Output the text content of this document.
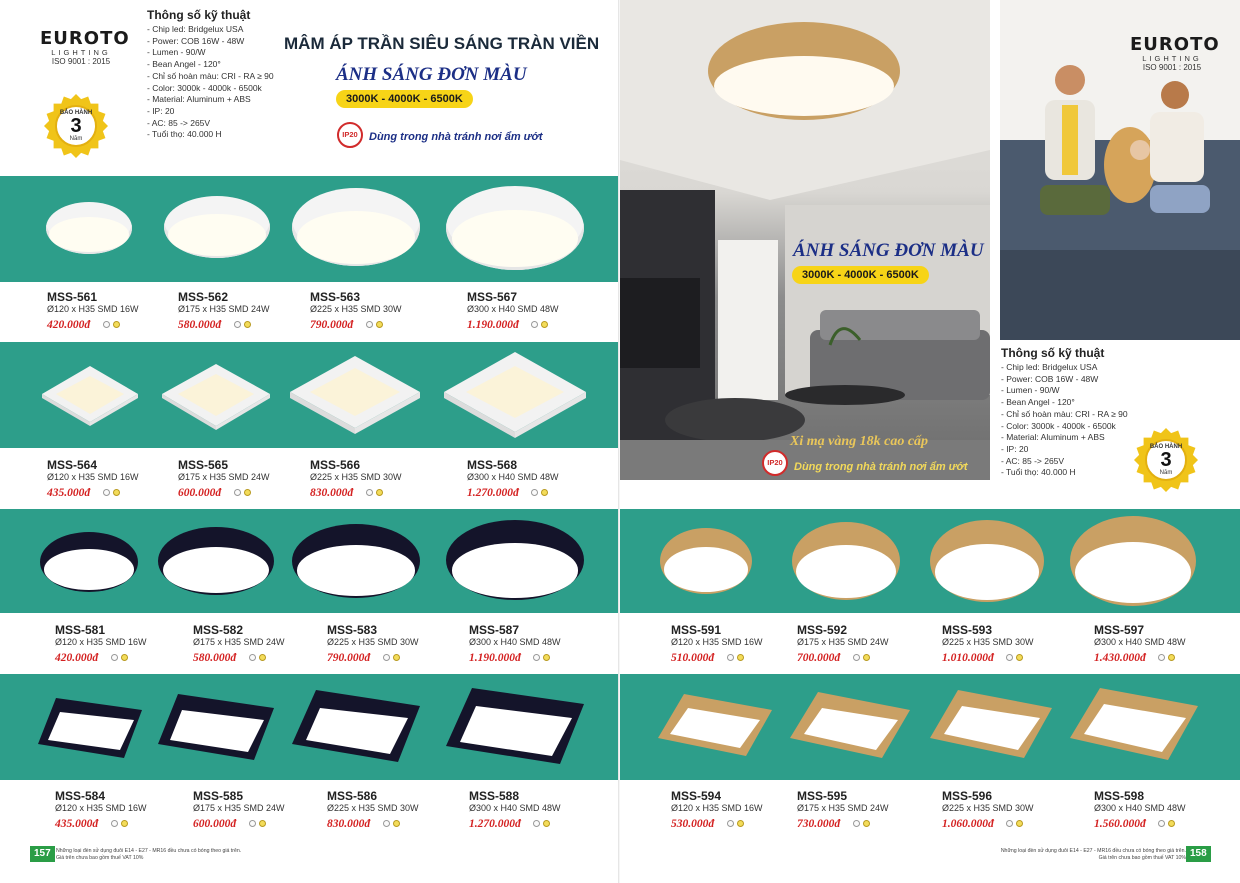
EUROTO
LIGHTING
ISO 9001 : 2015
BẢO HÀNH
3
Năm
Thông số kỹ thuật
- Chip led: Bridgelux USA
- Power: COB 16W - 48W
- Lumen - 90/W
- Bean Angel - 120°
- Chỉ số hoàn màu: CRI - RA ≥ 90
- Color: 3000k - 4000k - 6500k
- Material: Aluminum + ABS
- IP: 20
- AC: 85 -> 265V
- Tuổi thọ: 40.000 H
MÂM ÁP TRẦN SIÊU SÁNG TRÀN VIỀN
ÁNH SÁNG ĐƠN MÀU
3000K - 4000K - 6500K
IP20	Dùng trong nhà tránh nơi ẩm ướt
MSS-561
Ø120 x H35 SMD 16W
420.000đ
MSS-562
Ø175 x H35 SMD 24W
580.000đ
MSS-563
Ø225 x H35 SMD 30W
790.000đ
MSS-567
Ø300 x H40 SMD 48W
1.190.000đ
MSS-564
Ø120 x H35 SMD 16W
435.000đ
MSS-565
Ø175 x H35 SMD 24W
600.000đ
MSS-566
Ø225 x H35 SMD 30W
830.000đ
MSS-568
Ø300 x H40 SMD 48W
1.270.000đ
MSS-581
Ø120 x H35 SMD 16W
420.000đ
MSS-582
Ø175 x H35 SMD 24W
580.000đ
MSS-583
Ø225 x H35 SMD 30W
790.000đ
MSS-587
Ø300 x H40 SMD 48W
1.190.000đ
MSS-584
Ø120 x H35 SMD 16W
435.000đ
MSS-585
Ø175 x H35 SMD 24W
600.000đ
MSS-586
Ø225 x H35 SMD 30W
830.000đ
MSS-588
Ø300 x H40 SMD 48W
1.270.000đ
157	Những loại đèn sử dụng đuôi E14 - E27 - MR16 đều chưa có bóng theo giá trên.
Giá trên chưa bao gồm thuế VAT 10%
ÁNH SÁNG ĐƠN MÀU
3000K - 4000K - 6500K
Xi mạ vàng 18k cao cấp
IP20	Dùng trong nhà tránh nơi ẩm ướt
EUROTO
LIGHTING
ISO 9001 : 2015
Thông số kỹ thuật
- Chip led: Bridgelux USA
- Power: COB 16W - 48W
- Lumen - 90/W
- Bean Angel - 120°
- Chỉ số hoàn màu: CRI - RA ≥ 90
- Color: 3000k - 4000k - 6500k
- Material: Aluminum + ABS
- IP: 20
- AC: 85 -> 265V
- Tuổi thọ: 40.000 H
BẢO HÀNH
3
Năm
MSS-591
Ø120 x H35 SMD 16W
510.000đ
MSS-592
Ø175 x H35 SMD 24W
700.000đ
MSS-593
Ø225 x H35 SMD 30W
1.010.000đ
MSS-597
Ø300 x H40 SMD 48W
1.430.000đ
MSS-594
Ø120 x H35 SMD 16W
530.000đ
MSS-595
Ø175 x H35 SMD 24W
730.000đ
MSS-596
Ø225 x H35 SMD 30W
1.060.000đ
MSS-598
Ø300 x H40 SMD 48W
1.560.000đ
Những loại đèn sử dụng đuôi E14 - E27 - MR16 đều chưa có bóng theo giá trên.
Giá trên chưa bao gồm thuế VAT 10% 158
